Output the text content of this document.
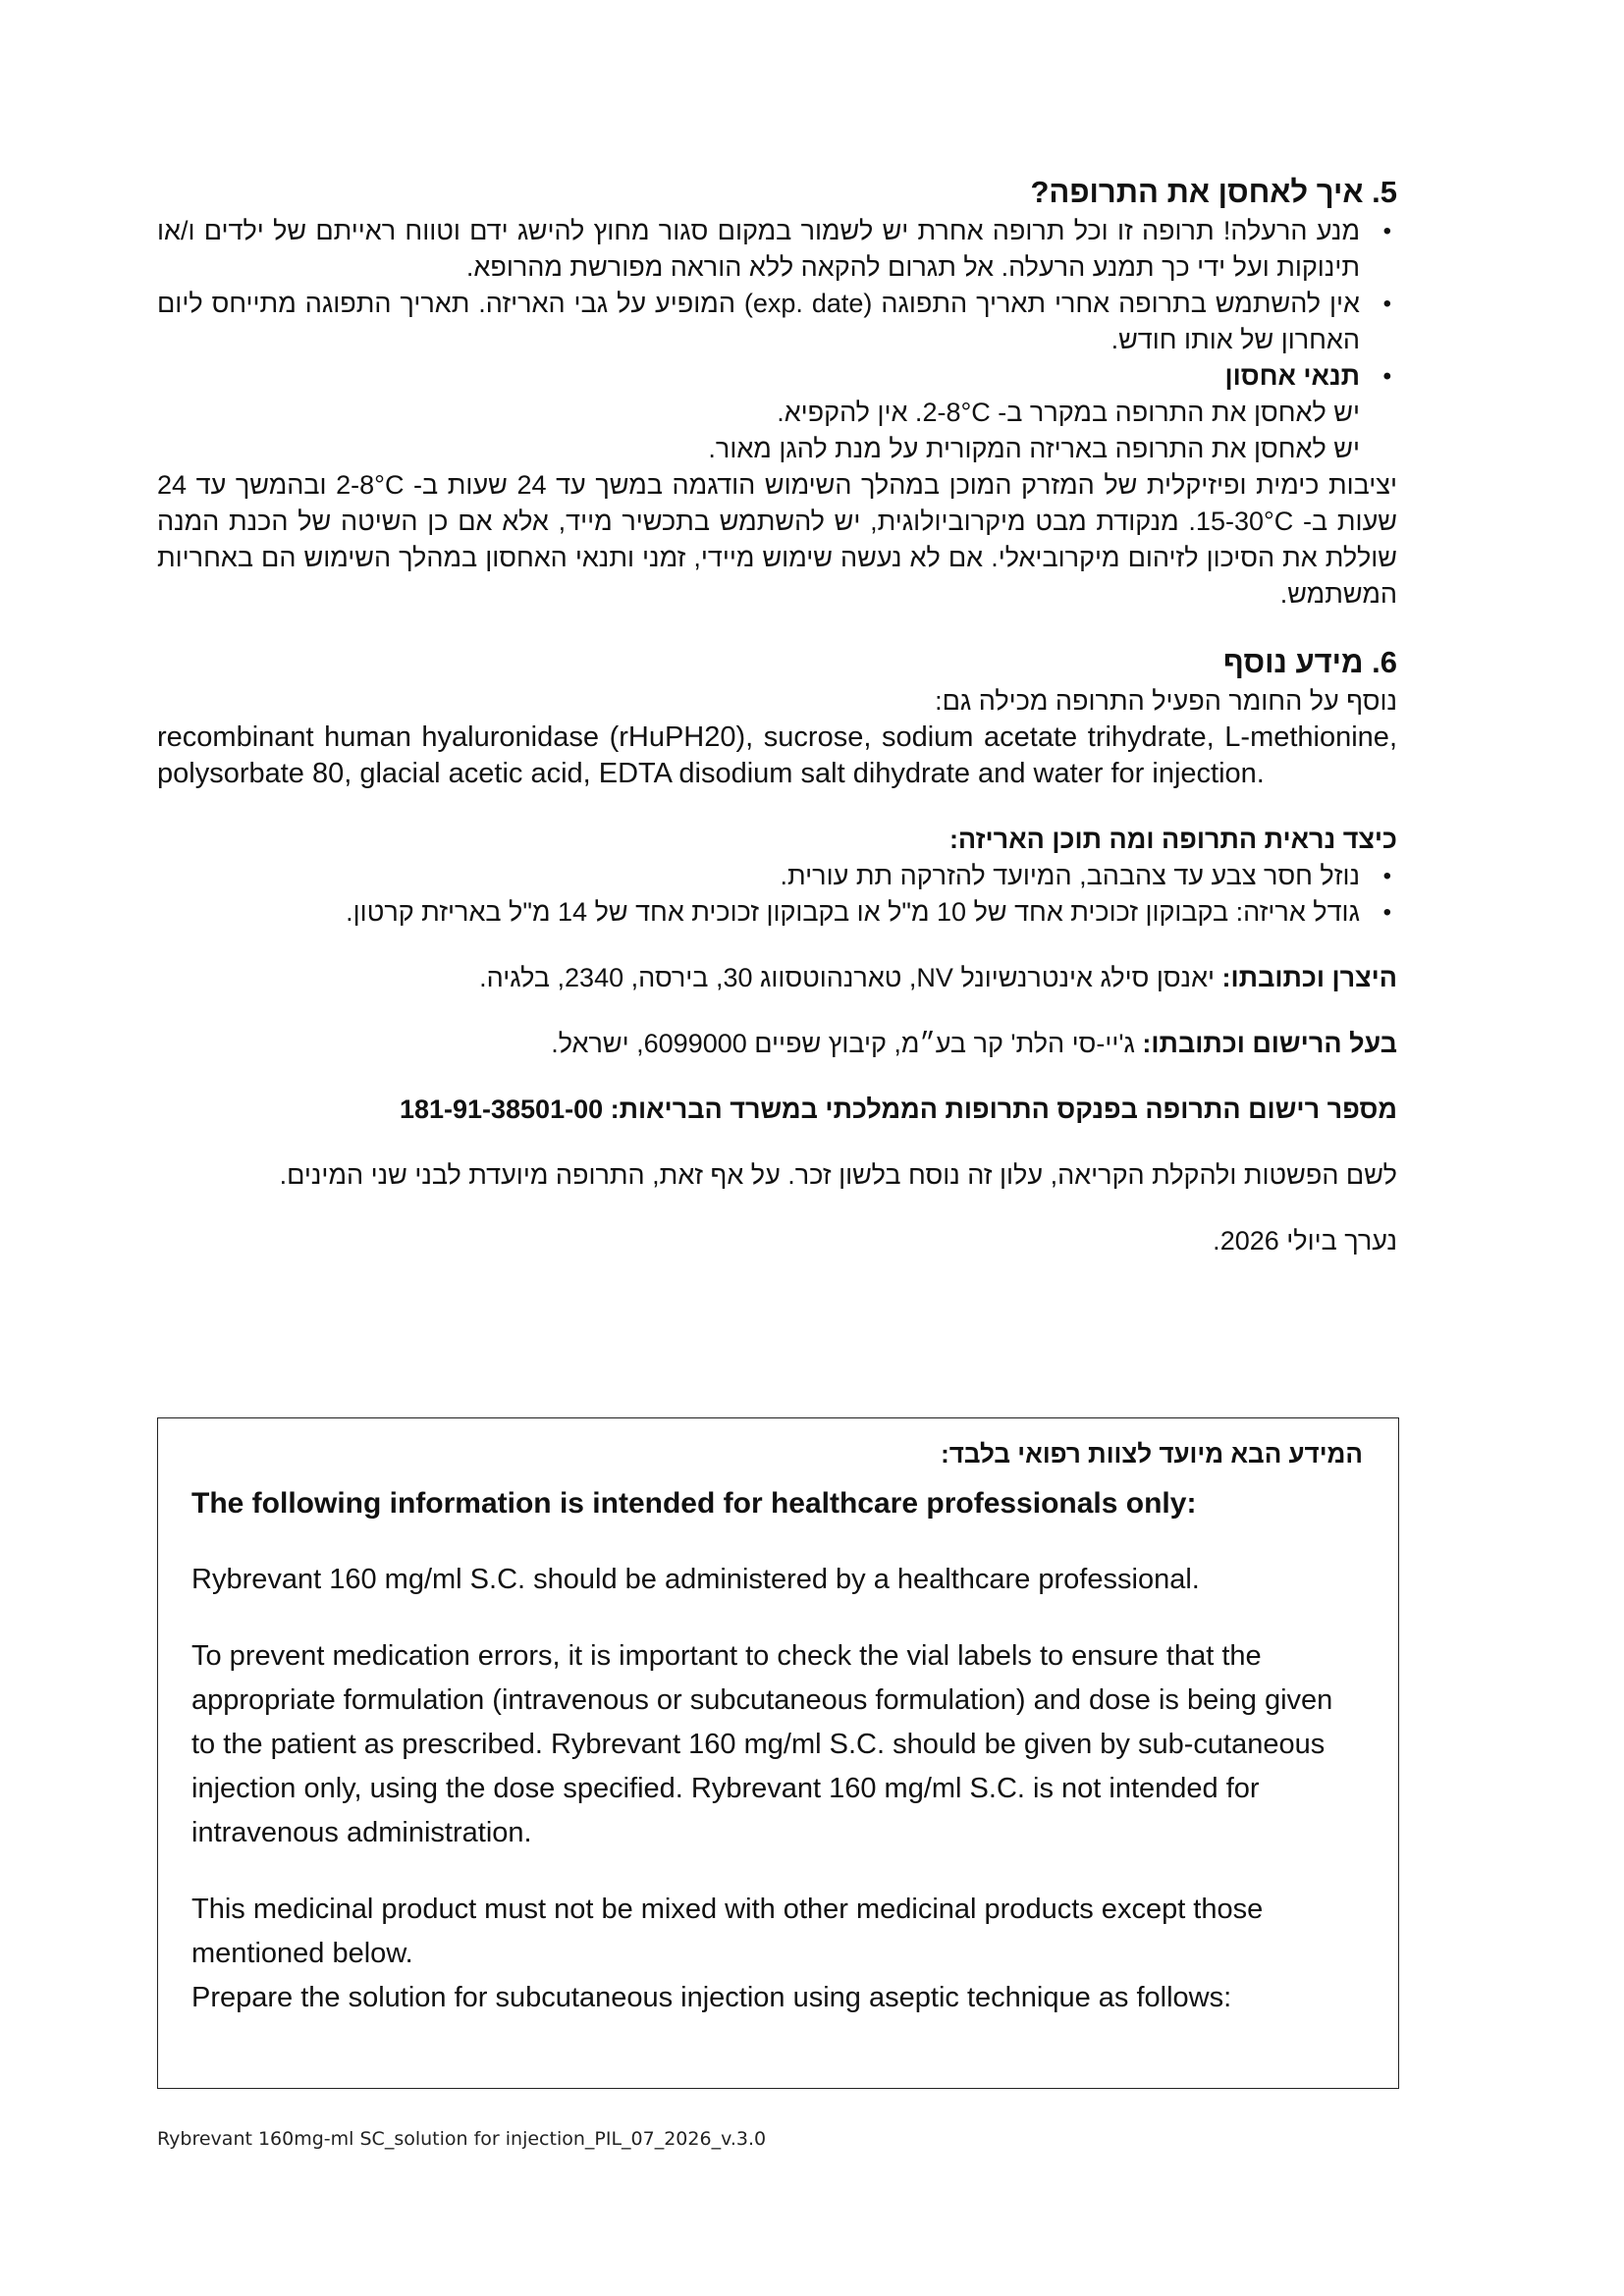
5. איך לאחסן את התרופה?
• מנע הרעלה! תרופה זו וכל תרופה אחרת יש לשמור במקום סגור מחוץ להישג ידם וטווח ראייתם של ילדים ו/או תינוקות ועל ידי כך תמנע הרעלה. אל תגרום להקאה ללא הוראה מפורשת מהרופא.
• אין להשתמש בתרופה אחרי תאריך התפוגה (exp. date) המופיע על גבי האריזה. תאריך התפוגה מתייחס ליום האחרון של אותו חודש.
• תנאי אחסון

יש לאחסן את התרופה במקרר ב- 2-8°C. אין להקפיא.

יש לאחסן את התרופה באריזה המקורית על מנת להגן מאור.

יציבות כימית ופיזיקלית של המזרק המוכן במהלך השימוש הודגמה במשך עד 24 שעות ב- 2-8°C ובהמשך עד 24 שעות ב- 15-30°C. מנקודת מבט מיקרוביולוגית, יש להשתמש בתכשיר מייד, אלא אם כן השיטה של הכנת המנה שוללת את הסיכון לזיהום מיקרוביאלי. אם לא נעשה שימוש מיידי, זמני ותנאי האחסון במהלך השימוש הם באחריות המשתמש.

6. מידע נוסף

נוסף על החומר הפעיל התרופה מכילה גם:

recombinant human hyaluronidase (rHuPH20), sucrose, sodium acetate trihydrate, L-methionine, polysorbate 80, glacial acetic acid, EDTA disodium salt dihydrate and water for injection.

כיצד נראית התרופה ומה תוכן האריזה:

• נוזל חסר צבע עד צהבהב, המיועד להזרקה תת עורית.
• גודל אריזה: בקבוקון זכוכית אחד של 10 מ"ל או בקבוקון זכוכית אחד של 14 מ"ל באריזת קרטון.

היצרן וכתובתו: יאנסן סילג אינטרנשיונל NV, טארנהוטסווג 30, בירסה, 2340, בלגיה.

בעל הרישום וכתובתו: ג'יי-סי הלת' קר בע״מ, קיבוץ שפיים 6099000, ישראל.

מספר רישום התרופה בפנקס התרופות הממלכתי במשרד הבריאות: 181-91-38501-00

לשם הפשטות ולהקלת הקריאה, עלון זה נוסח בלשון זכר. על אף זאת, התרופה מיועדת לבני שני המינים.

נערך ביולי 2026.

המידע הבא מיועד לצוות רפואי בלבד:

The following information is intended for healthcare professionals only:

Rybrevant 160 mg/ml S.C. should be administered by a healthcare professional.

To prevent medication errors, it is important to check the vial labels to ensure that the appropriate formulation (intravenous or subcutaneous formulation) and dose is being given to the patient as prescribed. Rybrevant 160 mg/ml S.C. should be given by sub-cutaneous injection only, using the dose specified. Rybrevant 160 mg/ml S.C. is not intended for intravenous administration.

This medicinal product must not be mixed with other medicinal products except those mentioned below.

Prepare the solution for subcutaneous injection using aseptic technique as follows:

Rybrevant 160mg-ml SC_solution for injection_PIL_07_2026_v.3.0
